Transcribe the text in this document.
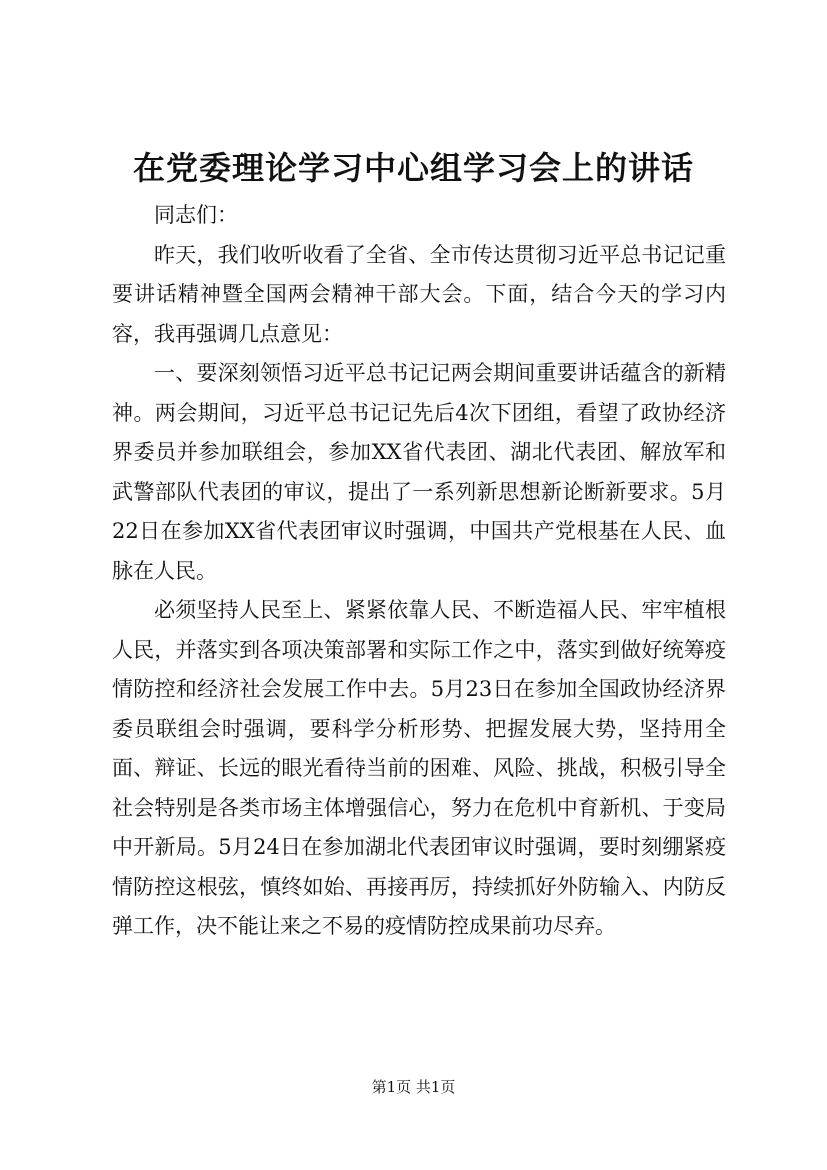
在党委理论学习中心组学习会上的讲话

同志们：

昨天，我们收听收看了全省、全市传达贯彻习近平总书记记重要讲话精神暨全国两会精神干部大会。下面，结合今天的学习内容，我再强调几点意见：

一、要深刻领悟习近平总书记记两会期间重要讲话蕴含的新精神。两会期间，习近平总书记记先后4次下团组，看望了政协经济界委员并参加联组会，参加XX省代表团、湖北代表团、解放军和武警部队代表团的审议，提出了一系列新思想新论断新要求。5月22日在参加XX省代表团审议时强调，中国共产党根基在人民、血脉在人民。

必须坚持人民至上、紧紧依靠人民、不断造福人民、牢牢植根人民，并落实到各项决策部署和实际工作之中，落实到做好统筹疫情防控和经济社会发展工作中去。5月23日在参加全国政协经济界委员联组会时强调，要科学分析形势、把握发展大势，坚持用全面、辩证、长远的眼光看待当前的困难、风险、挑战，积极引导全社会特别是各类市场主体增强信心，努力在危机中育新机、于变局中开新局。5月24日在参加湖北代表团审议时强调，要时刻绷紧疫情防控这根弦，慎终如始、再接再厉，持续抓好外防输入、内防反弹工作，决不能让来之不易的疫情防控成果前功尽弃。

第1页 共1页
